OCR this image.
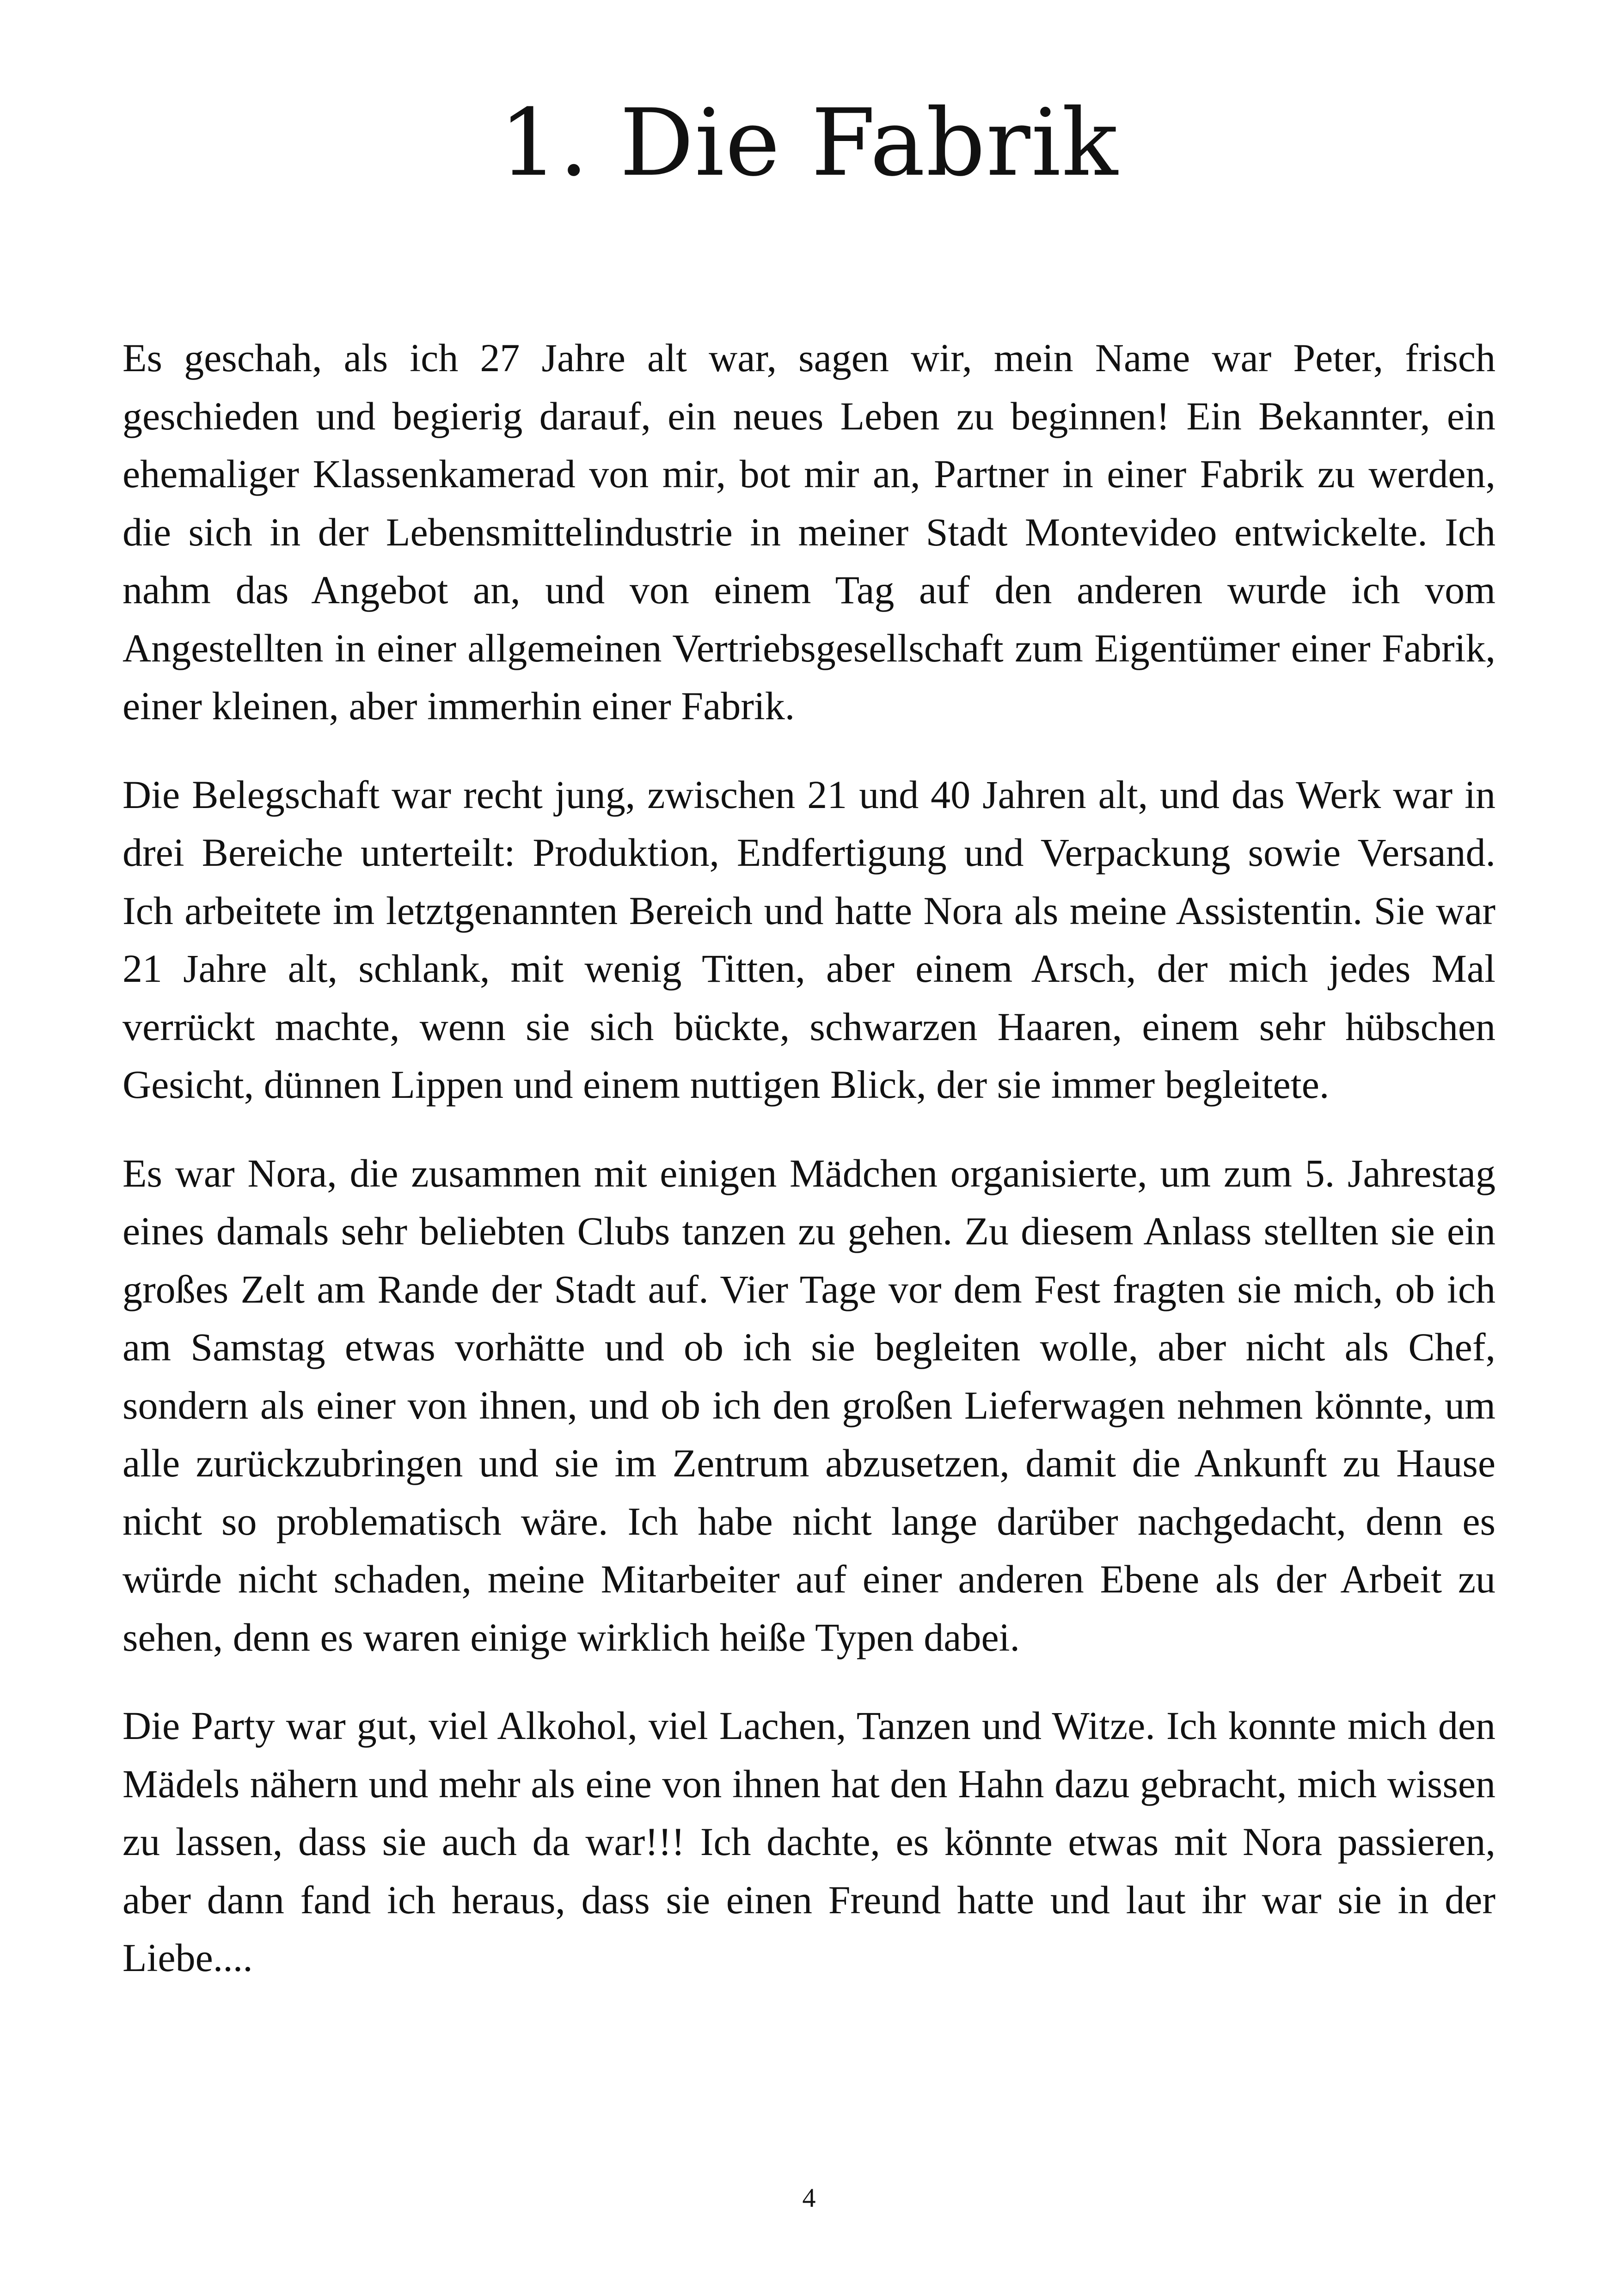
1. Die Fabrik

Es geschah, als ich 27 Jahre alt war, sagen wir, mein Name war Peter, frisch geschieden und begierig darauf, ein neues Leben zu beginnen! Ein Bekannter, ein ehemaliger Klassenkamerad von mir, bot mir an, Partner in einer Fabrik zu werden, die sich in der Lebensmittelindustrie in meiner Stadt Montevideo entwickelte. Ich nahm das Angebot an, und von einem Tag auf den anderen wurde ich vom Angestellten in einer allgemeinen Vertriebsgesellschaft zum Eigentümer einer Fabrik, einer kleinen, aber immerhin einer Fabrik.

Die Belegschaft war recht jung, zwischen 21 und 40 Jahren alt, und das Werk war in drei Bereiche unterteilt: Produktion, Endfertigung und Verpackung sowie Versand. Ich arbeitete im letztgenannten Bereich und hatte Nora als meine Assistentin. Sie war 21 Jahre alt, schlank, mit wenig Titten, aber einem Arsch, der mich jedes Mal verrückt machte, wenn sie sich bückte, schwarzen Haaren, einem sehr hübschen Gesicht, dünnen Lippen und einem nuttigen Blick, der sie immer begleitete.

Es war Nora, die zusammen mit einigen Mädchen organisierte, um zum 5. Jahrestag eines damals sehr beliebten Clubs tanzen zu gehen. Zu diesem Anlass stellten sie ein großes Zelt am Rande der Stadt auf. Vier Tage vor dem Fest fragten sie mich, ob ich am Samstag etwas vorhätte und ob ich sie begleiten wolle, aber nicht als Chef, sondern als einer von ihnen, und ob ich den großen Lieferwagen nehmen könnte, um alle zurückzubringen und sie im Zentrum abzusetzen, damit die Ankunft zu Hause nicht so problematisch wäre. Ich habe nicht lange darüber nachgedacht, denn es würde nicht schaden, meine Mitarbeiter auf einer anderen Ebene als der Arbeit zu sehen, denn es waren einige wirklich heiße Typen dabei.

Die Party war gut, viel Alkohol, viel Lachen, Tanzen und Witze. Ich konnte mich den Mädels nähern und mehr als eine von ihnen hat den Hahn dazu gebracht, mich wissen zu lassen, dass sie auch da war!!! Ich dachte, es könnte etwas mit Nora passieren, aber dann fand ich heraus, dass sie einen Freund hatte und laut ihr war sie in der Liebe....

4
